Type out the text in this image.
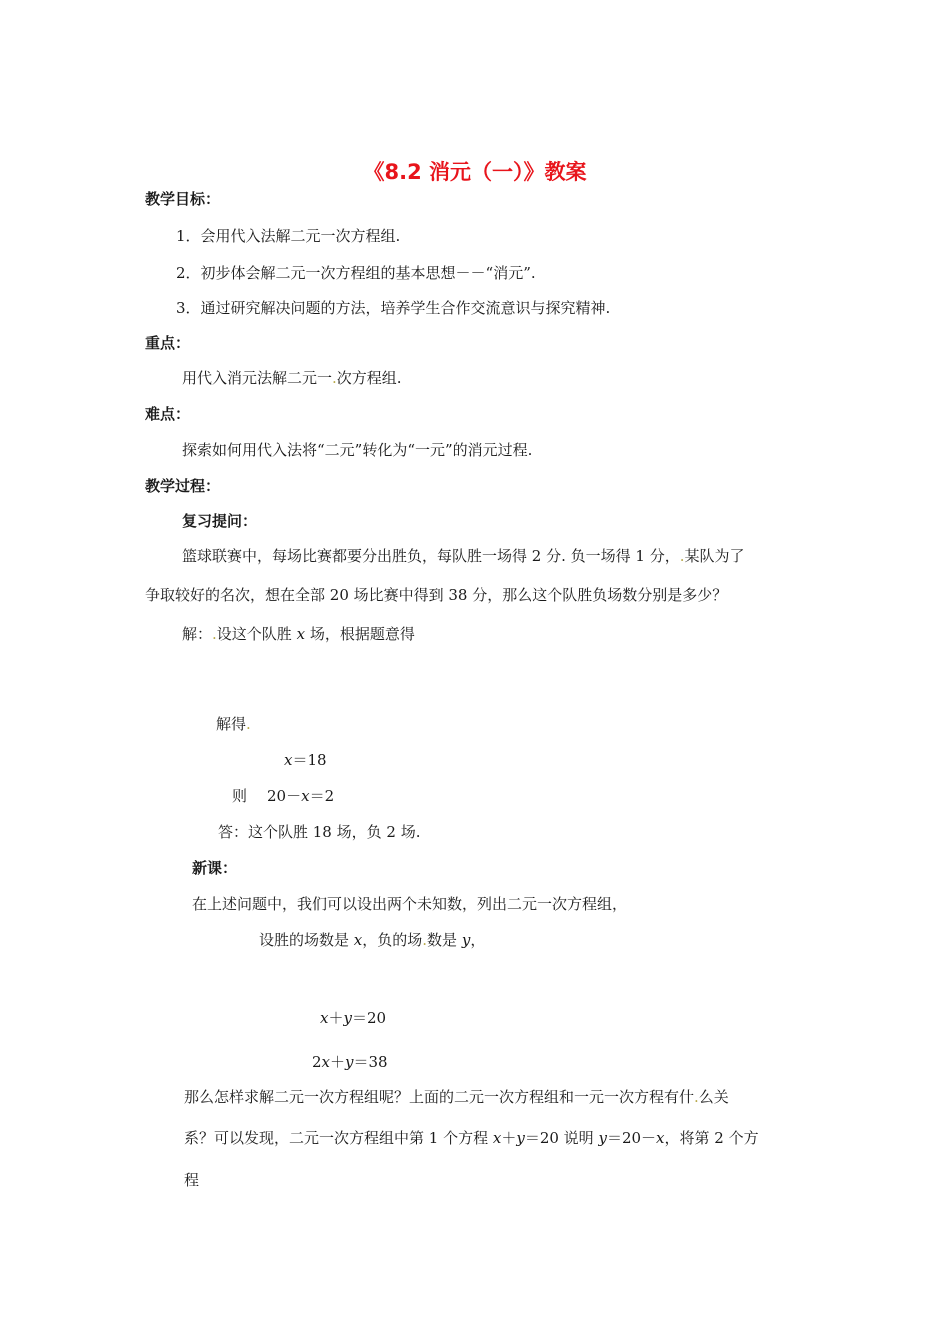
《8.2 消元（一）》教案
教学目标：
1．会用代入法解二元一次方程组.
2．初步体会解二元一次方程组的基本思想－－“消元”.
3．通过研究解决问题的方法，培养学生合作交流意识与探究精神.
重点：
用代入消元法解二元一.次方程组.
难点：
探索如何用代入法将“二元”转化为“一元”的消元过程.
教学过程：
复习提问：
篮球联赛中，每场比赛都要分出胜负，每队胜一场得 2 分. 负一场得 1 分，.某队为了
争取较好的名次，想在全部 20 场比赛中得到 38 分，那么这个队胜负场数分别是多少？
解：.设这个队胜 x 场，根据题意得
解得.
x＝18
则 20－x＝2
答：这个队胜 18 场，负 2 场.
新课：
在上述问题中，我们可以设出两个未知数，列出二元一次方程组，
设胜的场数是 x，负的场.数是 y，
x＋y＝20
2x＋y＝38
那么怎样求解二元一次方程组呢？上面的二元一次方程组和一元一次方程有什.么关
系？可以发现，二元一次方程组中第 1 个方程 x＋y＝20 说明 y＝20－x，将第 2 个方
程
